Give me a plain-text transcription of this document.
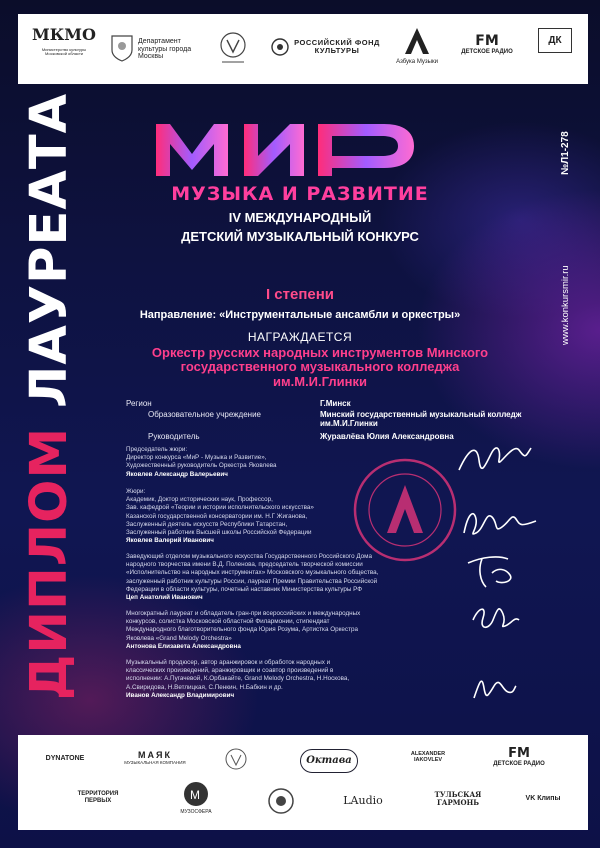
МКМО
Министерство культуры Московской области
Департамент культуры города Москвы
РОССИЙСКИЙ ФОНД КУЛЬТУРЫ
Азбука Музыки
FM
ДЕТСКОЕ РАДИО
ДК
ДИПЛОМ ЛАУРЕАТА	№Л1-278
www.konkursmir.ru
МИР
МУЗЫКА И РАЗВИТИЕ
IV МЕЖДУНАРОДНЫЙ
ДЕТСКИЙ МУЗЫКАЛЬНЫЙ КОНКУРС
I степени
Направление: «Инструментальные ансамбли и оркестры»
НАГРАЖДАЕТСЯ
Оркестр русских народных инструментов Минского
государственного музыкального колледжа
им.М.И.Глинки
Регион	Г.Минск
Образовательное учреждение	Минский государственный музыкальный колледж
им.М.И.Глинки
Руководитель	Журавлёва Юлия Александровна
Председатель жюри:
Директор конкурса «МиР - Музыка и Развитие»,
Художественный руководитель Оркестра Яковлева
Яковлев Александр Валерьевич
Жюри:
Академик, Доктор исторических наук, Профессор,
Зав. кафедрой «Теории и истории исполнительского искусства»
Казанской государственной консерватории им. Н.Г Жиганова,
Заслуженный деятель искусств Республики Татарстан,
Заслуженный работник Высшей школы Российской Федерации
Яковлев Валерий Иванович
Заведующий отделом музыкального искусства Государственного Российского Дома
народного творчества имени В.Д. Поленова, председатель творческой комиссии
«Исполнительство на народных инструментах» Московского музыкального общества,
заслуженный работник культуры России, лауреат Премии Правительства Российской
Федерации в области культуры, почетный наставник Министерства культуры РФ
Цеп Анатолий Иванович
Многократный лауреат и обладатель гран-при всероссийских и международных
конкурсов, солистка Московской областной Филармонии, стипендиат
Международного благотворительного фонда Юрия Розума, Артистка Оркестра
Яковлева «Grand Melody Orchestra»
Антонова Елизавета Александровна
Музыкальный продюсер, автор аранжировок и обработок народных и
классических произведений, аранжировщик и соавтор произведений в
исполнении: А.Пугачевой, К.Орбакайте, Grand Melody Orchestra, Н.Носкова,
А.Свиридова, Н.Ветлицкая, С.Пенкин, Н.Бабкин и др.
Иванов Александр Владимирович
DYNATONE	МАЯК
МУЗЫКАЛЬНАЯ КОМПАНИЯ	Октава
ALEXANDER IAKOVLEV	FM
ДЕТСКОЕ РАДИО
ТЕРРИТОРИЯ ПЕРВЫХ	M
МУЗОСФЕРА
LAudio	ТУЛЬСКАЯ ГАРМОНЬ	VK Клипы
